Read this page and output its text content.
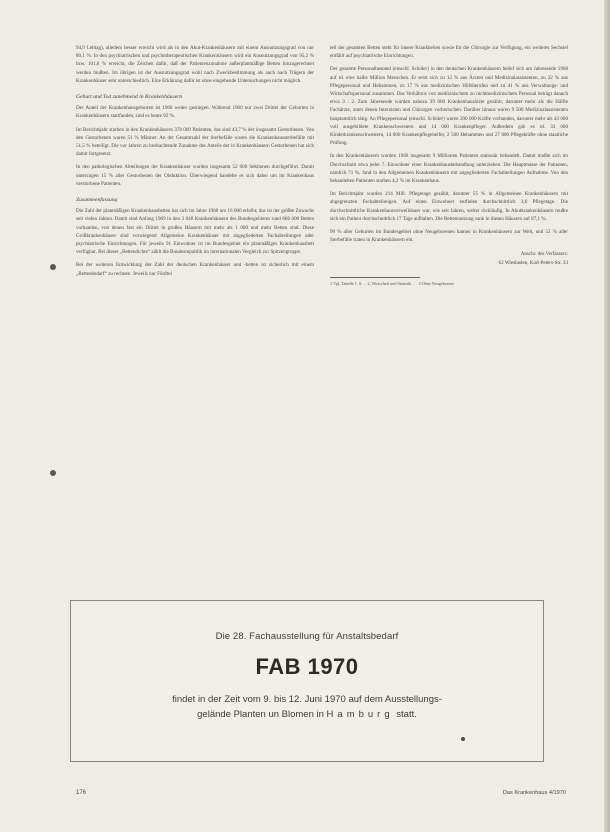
94,9 Lebtag), alledem besser erreicht wird als in den Akut-Krankenhäusern mit einem Ausnutzungsgrad von nur 80,1 %. In den psychiatrischen und psychotherapeutischen Krankenhäusern wird ein Ausnutzungsgrad von 95,2 % bzw. 101,8 % erreicht, die Zeichen dafür, daß der Patientenzunahme außerplanmäßige Betten hinzugerechnet werden mußten. Im übrigen ist der Ausnutzungsgrad wohl nach Zweckbestimmung als auch nach Trägern der Krankenhäuser sehr unterschiedlich. Eine Erklärung dafür ist ohne eingehende Untersuchungen nicht möglich.

Geburt und Tod zunehmend in Krankenhäusern

Der Anteil der Krankenhausgeburten ist 1968 weiter gestiegen. Während 1960 nur zwei Drittel der Geburten in Krankenhäusern stattfanden, sind es heute 92 %.

Im Berichtsjahr starben in den Krankenhäusern 378 000 Patienten, das sind 43,7 % der insgesamt Gestorbenen. Von den Gestorbenen waren 51 % Männer. An der Gesamtzahl der Sterbefälle waren die Krankenhaussterbefälle mit 51,5 % beteiligt. Die vor Jahren zu beobachtende Zunahme des Anteils der in Krankenhäusern Gestorbenen hat sich damit fortgesetzt.

In den pathologischen Abteilungen der Krankenhäuser wurden insgesamt 52 000 Sektionen durchgeführt. Damit unterzogen 15 % aller Gestorbenen der Obduktion. Überwiegend handelte es sich dabei um im Krankenhaus verstorbene Patienten.

Zusammenfassung

Die Zahl der planmäßigen Krankenhausbetten hat sich im Jahre 1968 um 16 000 erhöht; das ist der größte Zuwachs seit vielen Jahren. Damit sind Anfang 1969 in den 3 648 Krankenhäusern des Bundesgebietes rund 666 000 Betten vorhanden, von denen fast ein Drittel in großen Häusern mit mehr als 1 000 und mehr Betten sind. Diese Großkrankenhäuser sind vorwiegend Allgemeine Krankenhäuser mit angegliederten Fachabteilungen oder psychiatrische Einrichtungen. Für jeweils 91 Einwohner ist im Bundesgebiet ein planmäßiges Krankenhausbett verfügbar. Bei dieser „Bettendichte“ zählt die Bundesrepublik im internationalen Vergleich zur Spitzengruppe.

Bei der weiteren Entwicklung der Zahl der deutschen Krankenhäuser und -betten ist sicherlich mit einem „Bettenbedarf“ zu rechnen. Jeweils nur Fünftel

teil der gesamten Betten steht für innere Krankheiten sowie für die Chirurgie zur Verfügung, ein weiteres Sechstel entfällt auf psychiatrische Einrichtungen.

Der gesamte Personalbestand (einschl. Schüler) in den deutschen Krankenhäusern belief sich am Jahresende 1968 auf rd. eine halbe Million Menschen. Er setzt sich zu 12 % aus Ärzten und Medizinalassistenten, zu 32 % aus Pflegepersonal und Hebammen, zu 17 % aus medizinischen Hilfsberufen und zu 41 % aus Verwaltungs- und Wirtschaftspersonal zusammen. Das Verhältnis von medizinischem zu nichtmedizinischem Personal beträgt danach etwa 3 : 2. Zum Jahresende wurden nahezu 39 000 Krankenhausärzte gezählt, darunter mehr als die Hälfte Fachärzte, unter denen Internisten und Chirurgen vorherrschen. Darüber hinaus waren 9 500 Medizinalassistenten hauptamtlich tätig. An Pflegepersonal (einschl. Schüler) waren 200 000 Kräfte vorhanden, darunter mehr als 43 000 voll ausgebildete Krankenschwestern und 14 000 Krankenpfleger. Außerdem gab es rd. 33 000 Kinderkrankenschwestern, 14 000 Krankenpflegehelfer, 2 500 Hebammen und 27 000 Pflegekräfte ohne staatliche Prüfung.

In den Krankenhäusern wurden 1968 insgesamt 9 Millionen Patienten stationär behandelt. Damit mußte sich im Durchschnitt etwa jeder 7. Einwohner einer Krankenhausbehandlung unterziehen. Die Hauptmasse der Patienten, nämlich 71 %, fand in den Allgemeinen Krankenhäusern mit angegliederten Fachabteilungen Aufnahme. Von den behandelten Patienten starben 4,2 % im Krankenhaus.

Im Berichtsjahr wurden 214 Mill. Pflegetage gezählt, darunter 55 % in Allgemeinen Krankenhäusern mit abgegrenzten Fachabteilungen. Auf einen Einwohner entfielen durchschnittlich 3,6 Pflegetage. Die durchschnittliche Krankenhausverweildauer war, wie seit Jahren, weiter rückläufig. In Akutkrankenhäusern mußte sich ein Patient durchschnittlich 17 Tage aufhalten. Die Bettennutzung sank in diesen Häusern auf 87,1 %.

90 % aller Geburten im Bundesgebiet ohne Neugeborenen kamen in Krankenhäusern zur Welt, und 52 % aller Sterbefälle traten in Krankenhäusern ein.

Anschr. des Verfassers:
62 Wiesbaden, Karl-Peters-Str. 33
1 Vgl. Tabelle 1, S. . . 2, Wirtschaft und Statistik . . . 3 Ohne Neugeborene
Die 28. Fachausstellung für Anstaltsbedarf
FAB 1970
findet in der Zeit vom 9. bis 12. Juni 1970 auf dem Ausstellungs-
gelände Planten un Blomen in Hamburg statt.
176	Das Krankenhaus 4/1970
